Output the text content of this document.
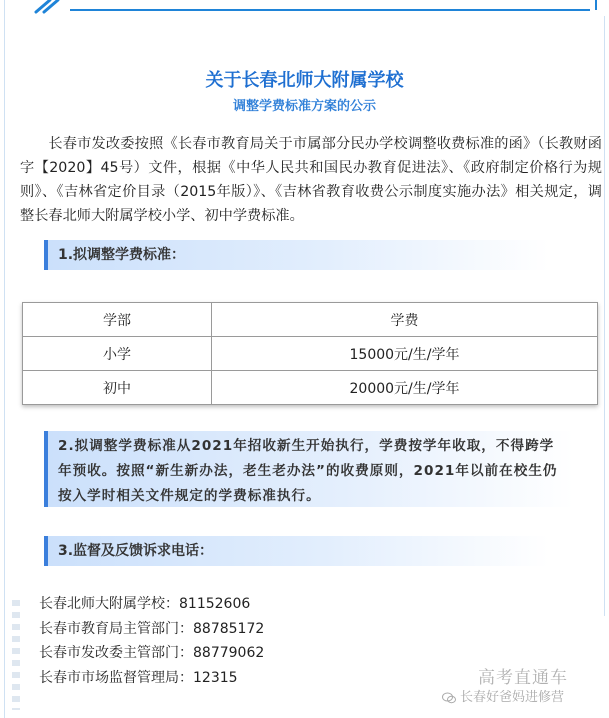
关于长春北师大附属学校
调整学费标准方案的公示
长春市发改委按照《长春市教育局关于市属部分民办学校调整收费标准的函》（长教财函字【2020】45号）文件，根据《中华人民共和国民办教育促进法》、《政府制定价格行为规则》、《吉林省定价目录（2015年版）》、《吉林省教育收费公示制度实施办法》相关规定，调整长春北师大附属学校小学、初中学费标准。
1.拟调整学费标准：
学部	学费
小学	15000元/生/学年
初中	20000元/生/学年
2.拟调整学费标准从2021年招收新生开始执行，学费按学年收取，不得跨学年预收。按照“新生新办法，老生老办法”的收费原则，2021年以前在校生仍按入学时相关文件规定的学费标准执行。
3.监督及反馈诉求电话：
长春北师大附属学校：81152606
长春市教育局主管部门：88785172
长春市发改委主管部门：88779062
长春市市场监督管理局：12315	高考直通车
长春好爸妈进修营
